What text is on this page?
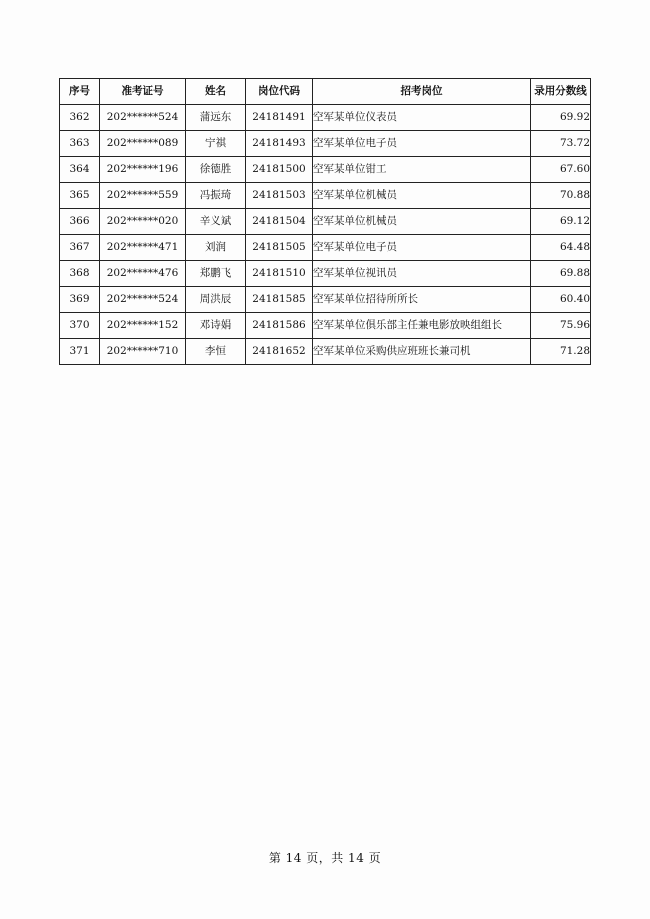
序号	准考证号	姓名	岗位代码	招考岗位	录用分数线
362	202******524	蒲远东	24181491	空军某单位仪表员	69.92
363	202******089	宁祺	24181493	空军某单位电子员	73.72
364	202******196	徐德胜	24181500	空军某单位钳工	67.60
365	202******559	冯振琦	24181503	空军某单位机械员	70.88
366	202******020	辛义斌	24181504	空军某单位机械员	69.12
367	202******471	刘润	24181505	空军某单位电子员	64.48
368	202******476	郑鹏飞	24181510	空军某单位视讯员	69.88
369	202******524	周洪辰	24181585	空军某单位招待所所长	60.40
370	202******152	邓诗娟	24181586	空军某单位俱乐部主任兼电影放映组组长	75.96
371	202******710	李恒	24181652	空军某单位采购供应班班长兼司机	71.28
第 14 页，共 14 页
